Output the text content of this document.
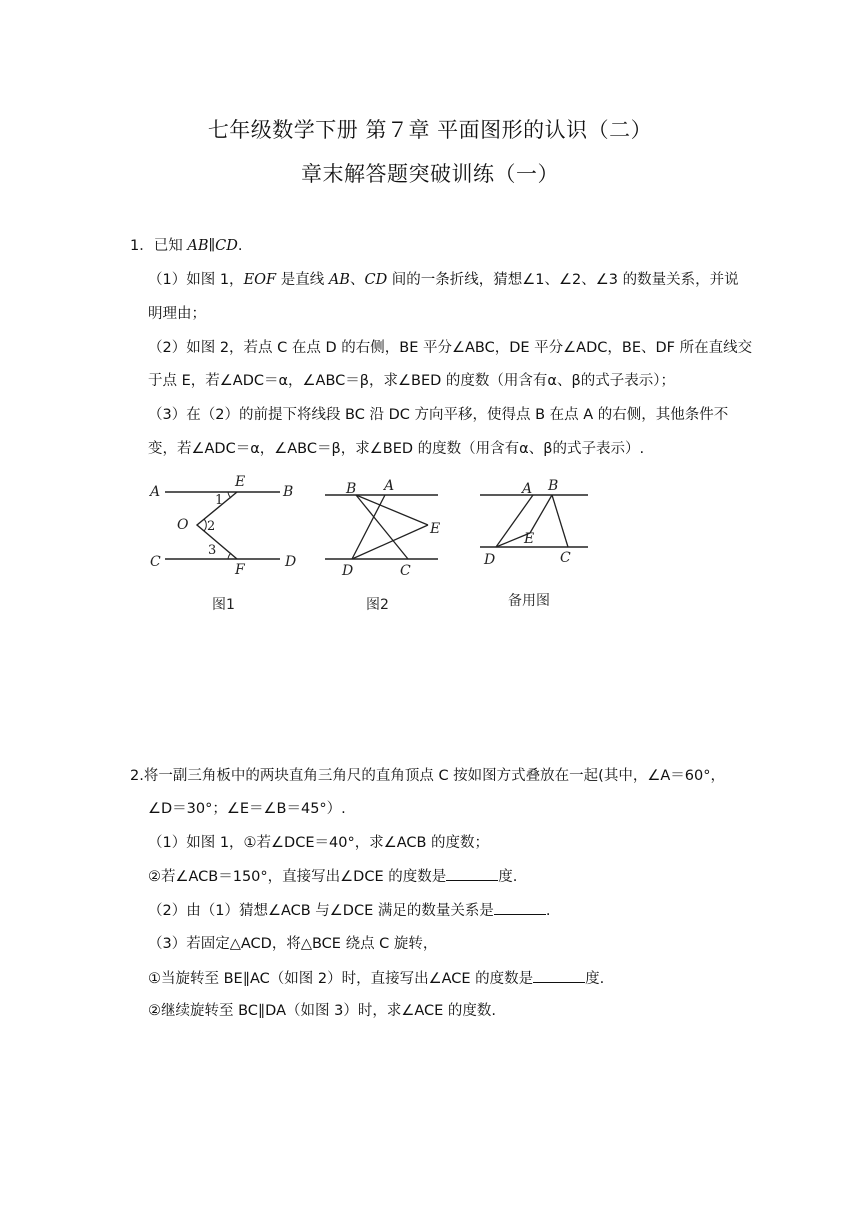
七年级数学下册 第７章 平面图形的认识（二）
章末解答题突破训练（一）
1．已知 AB∥CD.
（1）如图 1，EOF 是直线 AB、CD 间的一条折线，猜想∠1、∠2、∠3 的数量关系，并说
明理由；
（2）如图 2，若点 C 在点 D 的右侧，BE 平分∠ABC，DE 平分∠ADC，BE、DF 所在直线交
于点 E，若∠ADC＝α，∠ABC＝β，求∠BED 的度数（用含有α、β的式子表示）；
（3）在（2）的前提下将线段 BC 沿 DC 方向平移，使得点 B 在点 A 的右侧，其他条件不
变，若∠ADC＝α，∠ABC＝β，求∠BED 的度数（用含有α、β的式子表示）.
A	B
C	D
E
F
O
1
2
3
图1
B A
E
D	C
图2
A B
E
D	C
备用图
2.将一副三角板中的两块直角三角尺的直角顶点 C 按如图方式叠放在一起(其中，∠A＝60°，
∠D＝30°；∠E＝∠B＝45°）.
（1）如图 1，①若∠DCE＝40°，求∠ACB 的度数；
②若∠ACB＝150°，直接写出∠DCE 的度数是	度.
（2）由（1）猜想∠ACB 与∠DCE 满足的数量关系是	.
（3）若固定△ACD，将△BCE 绕点 C 旋转，
①当旋转至 BE∥AC（如图 2）时，直接写出∠ACE 的度数是	度.
②继续旋转至 BC∥DA（如图 3）时，求∠ACE 的度数.
